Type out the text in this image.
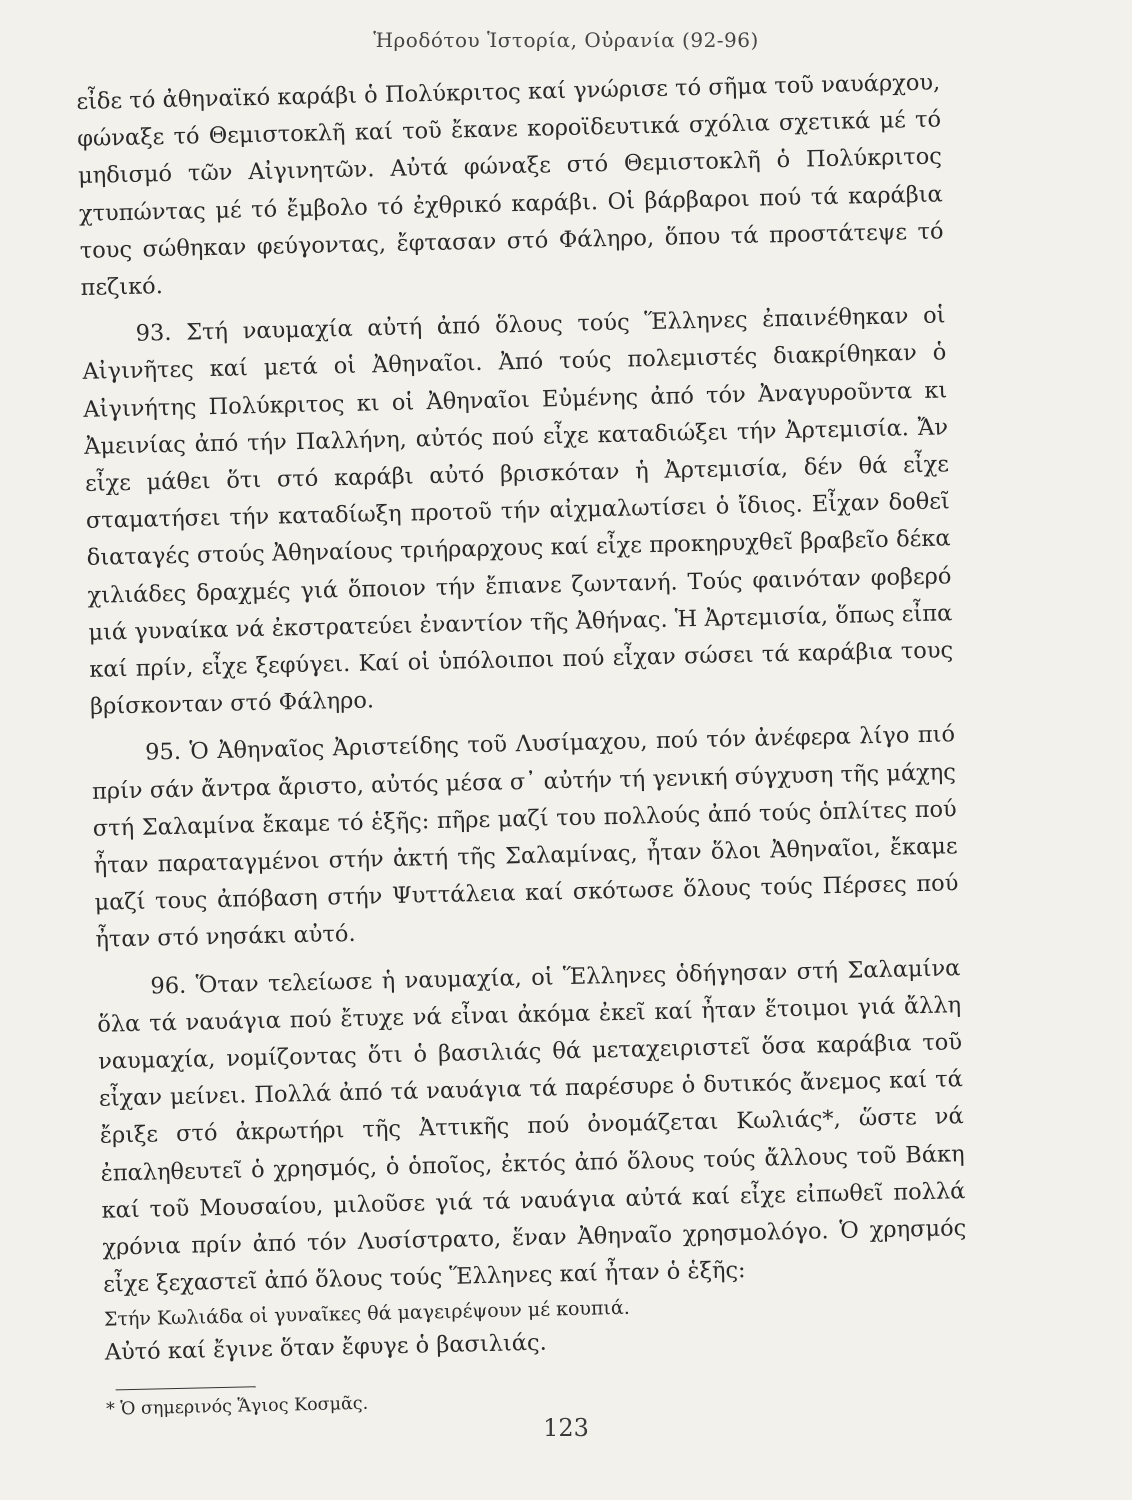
Ἡροδότου Ἱστορία, Οὐρανία (92-96)

εἶδε τό ἀθηναϊκό καράβι ὁ Πολύκριτος καί γνώρισε τό σῆμα τοῦ ναυάρχου, φώναξε τό Θεμιστοκλῆ καί τοῦ ἔκανε κοροϊδευτικά σχόλια σχετικά μέ τό μηδισμό τῶν Αἰγινητῶν. Αὐτά φώναξε στό Θεμιστοκλῆ ὁ Πολύκριτος χτυπώντας μέ τό ἔμβολο τό ἐχθρικό καράβι. Οἱ βάρβαροι πού τά καράβια τους σώθηκαν φεύγοντας, ἔφτασαν στό Φάληρο, ὅπου τά προστάτεψε τό πεζικό.

93. Στή ναυμαχία αὐτή ἀπό ὅλους τούς Ἕλληνες ἐπαινέθηκαν οἱ Αἰγινῆτες καί μετά οἱ Ἀθηναῖοι. Ἀπό τούς πολεμιστές διακρίθηκαν ὁ Αἰγινήτης Πολύκριτος κι οἱ Ἀθηναῖοι Εὐμένης ἀπό τόν Ἀναγυροῦντα κι Ἀμεινίας ἀπό τήν Παλλήνη, αὐτός πού εἶχε καταδιώξει τήν Ἀρτεμισία. Ἄν εἶχε μάθει ὅτι στό καράβι αὐτό βρισκόταν ἡ Ἀρτεμισία, δέν θά εἶχε σταματήσει τήν καταδίωξη προτοῦ τήν αἰχμαλωτίσει ὁ ἴδιος. Εἶχαν δοθεῖ διαταγές στούς Ἀθηναίους τριήραρχους καί εἶχε προκηρυχθεῖ βραβεῖο δέκα χιλιάδες δραχμές γιά ὅποιον τήν ἔπιανε ζωντανή. Τούς φαινόταν φοβερό μιά γυναίκα νά ἐκστρατεύει ἐναντίον τῆς Ἀθήνας. Ἡ Ἀρτεμισία, ὅπως εἶπα καί πρίν, εἶχε ξεφύγει. Καί οἱ ὑπόλοιποι πού εἶχαν σώσει τά καράβια τους βρίσκονταν στό Φάληρο.

95. Ὁ Ἀθηναῖος Ἀριστείδης τοῦ Λυσίμαχου, πού τόν ἀνέφερα λίγο πιό πρίν σάν ἄντρα ἄριστο, αὐτός μέσα σ᾿ αὐτήν τή γενική σύγχυση τῆς μάχης στή Σαλαμίνα ἔκαμε τό ἑξῆς: πῆρε μαζί του πολλούς ἀπό τούς ὁπλίτες πού ἦταν παραταγμένοι στήν ἀκτή τῆς Σαλαμίνας, ἦταν ὅλοι Ἀθηναῖοι, ἔκαμε μαζί τους ἀπόβαση στήν Ψυττάλεια καί σκότωσε ὅλους τούς Πέρσες πού ἦταν στό νησάκι αὐτό.

96. Ὅταν τελείωσε ἡ ναυμαχία, οἱ Ἕλληνες ὁδήγησαν στή Σαλαμίνα ὅλα τά ναυάγια πού ἔτυχε νά εἶναι ἀκόμα ἐκεῖ καί ἦταν ἕτοιμοι γιά ἄλλη ναυμαχία, νομίζοντας ὅτι ὁ βασιλιάς θά μεταχειριστεῖ ὅσα καράβια τοῦ εἶχαν μείνει. Πολλά ἀπό τά ναυάγια τά παρέσυρε ὁ δυτικός ἄνεμος καί τά ἔριξε στό ἀκρωτήρι τῆς Ἀττικῆς πού ὀνομάζεται Κωλιάς*, ὥστε νά ἐπαληθευτεῖ ὁ χρησμός, ὁ ὁποῖος, ἐκτός ἀπό ὅλους τούς ἄλλους τοῦ Βάκη καί τοῦ Μουσαίου, μιλοῦσε γιά τά ναυάγια αὐτά καί εἶχε εἰπωθεῖ πολλά χρόνια πρίν ἀπό τόν Λυσίστρατο, ἕναν Ἀθηναῖο χρησμολόγο. Ὁ χρησμός εἶχε ξεχαστεῖ ἀπό ὅλους τούς Ἕλληνες καί ἦταν ὁ ἑξῆς:

Στήν Κωλιάδα οἱ γυναῖκες θά μαγειρέψουν μέ κουπιά.

Αὐτό καί ἔγινε ὅταν ἔφυγε ὁ βασιλιάς.

* Ὁ σημερινός Ἅγιος Κοσμᾶς.

123
